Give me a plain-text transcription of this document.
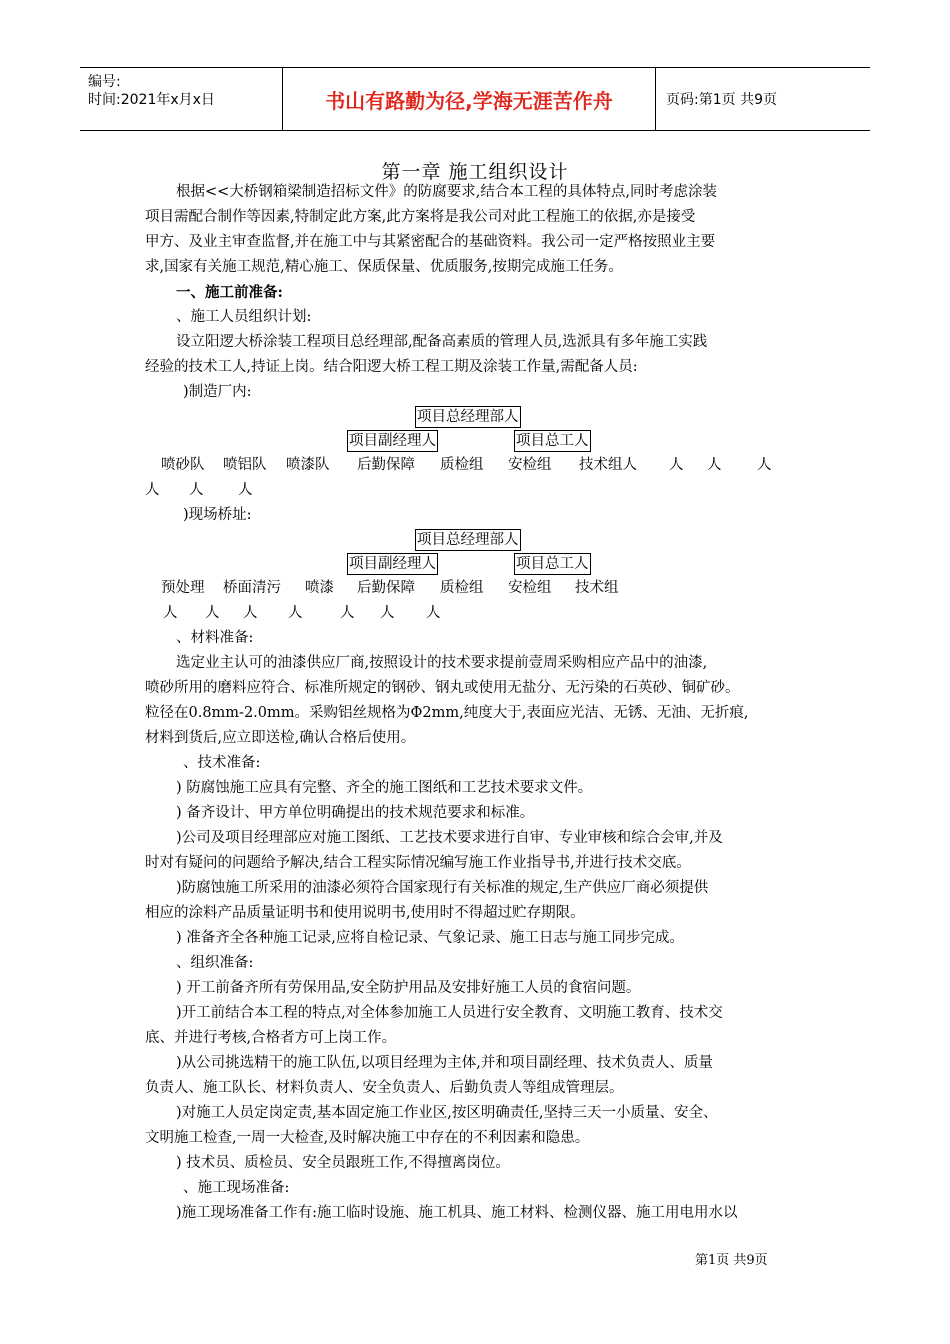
编号:
时间:2021年x月x日	书山有路勤为径,学海无涯苦作舟	页码:第1页 共9页
第一章 施工组织设计
根据<<大桥钢箱梁制造招标文件》的防腐要求,结合本工程的具体特点,同时考虑涂装
项目需配合制作等因素,特制定此方案,此方案将是我公司对此工程施工的依据,亦是接受
甲方、及业主审查监督,并在施工中与其紧密配合的基础资料。我公司一定严格按照业主要
求,国家有关施工规范,精心施工、保质保量、优质服务,按期完成施工任务。
一、施工前准备:
、施工人员组织计划:
设立阳逻大桥涂装工程项目总经理部,配备高素质的管理人员,选派具有多年施工实践
经验的技术工人,持证上岗。结合阳逻大桥工程工期及涂装工作量,需配备人员:
)制造厂内:
项目总经理部人
项目副经理人	项目总工人
喷砂队 喷铝队 喷漆队 后勤保障 质检组 安检组 技术组人 人 人 人
人 人 人
)现场桥址:
项目总经理部人
项目副经理人	项目总工人
预处理 桥面清污 喷漆 后勤保障 质检组 安检组 技术组
人 人 人 人	人 人 人
、材料准备:
选定业主认可的油漆供应厂商,按照设计的技术要求提前壹周采购相应产品中的油漆,
喷砂所用的磨料应符合、标准所规定的钢砂、钢丸或使用无盐分、无污染的石英砂、铜矿砂。
粒径在0.8mm-2.0mm。采购铝丝规格为Φ2mm,纯度大于,表面应光洁、无锈、无油、无折痕,
材料到货后,应立即送检,确认合格后使用。
、技术准备:
) 防腐蚀施工应具有完整、齐全的施工图纸和工艺技术要求文件。
) 备齐设计、甲方单位明确提出的技术规范要求和标准。
)公司及项目经理部应对施工图纸、工艺技术要求进行自审、专业审核和综合会审,并及
时对有疑问的问题给予解决,结合工程实际情况编写施工作业指导书,并进行技术交底。
)防腐蚀施工所采用的油漆必须符合国家现行有关标准的规定,生产供应厂商必须提供
相应的涂料产品质量证明书和使用说明书,使用时不得超过贮存期限。
) 准备齐全各种施工记录,应将自检记录、气象记录、施工日志与施工同步完成。
、组织准备:
) 开工前备齐所有劳保用品,安全防护用品及安排好施工人员的食宿问题。
)开工前结合本工程的特点,对全体参加施工人员进行安全教育、文明施工教育、技术交
底、并进行考核,合格者方可上岗工作。
)从公司挑选精干的施工队伍,以项目经理为主体,并和项目副经理、技术负责人、质量
负责人、施工队长、材料负责人、安全负责人、后勤负责人等组成管理层。
)对施工人员定岗定责,基本固定施工作业区,按区明确责任,坚持三天一小质量、安全、
文明施工检查,一周一大检查,及时解决施工中存在的不利因素和隐患。
) 技术员、质检员、安全员跟班工作,不得擅离岗位。
、施工现场准备:
)施工现场准备工作有:施工临时设施、施工机具、施工材料、检测仪器、施工用电用水以
第1页 共9页
